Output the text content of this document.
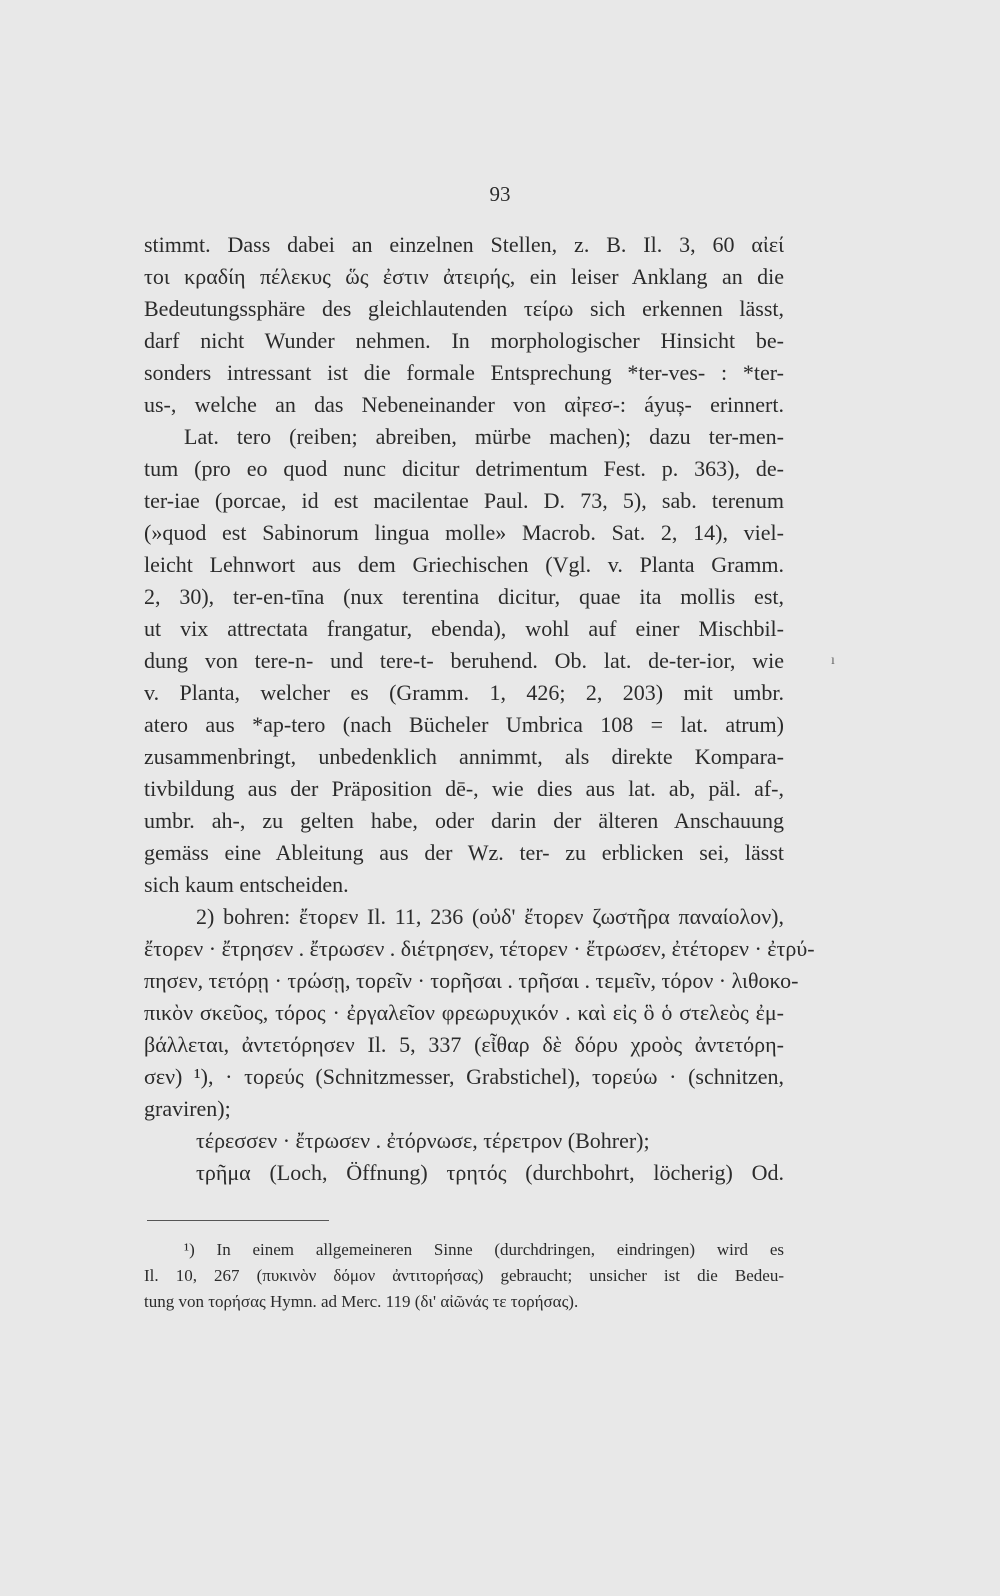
93
stimmt. Dass dabei an einzelnen Stellen, z. B. Il. 3, 60 αἰεί
τοι κραδίη πέλεκυς ὥς ἐστιν ἀτειρής, ein leiser Anklang an die
Bedeutungssphäre des gleichlautenden τείρω sich erkennen lässt,
darf nicht Wunder nehmen. In morphologischer Hinsicht be-
sonders intressant ist die formale Entsprechung *ter-ves- : *ter-
us-, welche an das Nebeneinander von αἰϝεσ-: áyuș- erinnert.
Lat. tero (reiben; abreiben, mürbe machen); dazu ter-men-
tum (pro eo quod nunc dicitur detrimentum Fest. p. 363), de-
ter-iae (porcae, id est macilentae Paul. D. 73, 5), sab. terenum
(»quod est Sabinorum lingua molle» Macrob. Sat. 2, 14), viel-
leicht Lehnwort aus dem Griechischen (Vgl. v. Planta Gramm.
2, 30), ter-en-tīna (nux terentina dicitur, quae ita mollis est,
ut vix attrectata frangatur, ebenda), wohl auf einer Mischbil-
dung von tere-n- und tere-t- beruhend. Ob. lat. de-ter-ior, wie
v. Planta, welcher es (Gramm. 1, 426; 2, 203) mit umbr.
atero aus *ap-tero (nach Bücheler Umbrica 108 = lat. atrum)
zusammenbringt, unbedenklich annimmt, als direkte Kompara-
tivbildung aus der Präposition dē-, wie dies aus lat. ab, päl. af-,
umbr. ah-, zu gelten habe, oder darin der älteren Anschauung
gemäss eine Ableitung aus der Wz. ter- zu erblicken sei, lässt
sich kaum entscheiden.
2) bohren: ἔτορεν Il. 11, 236 (οὐδ' ἔτορεν ζωστῆρα παναίολον),
ἔτορεν · ἔτρησεν . ἔτρωσεν . διέτρησεν, τέτορεν · ἔτρωσεν, ἐτέτορεν · ἐτρύ-
πησεν, τετόρῃ · τρώσῃ, τορεῖν · τορῆσαι . τρῆσαι . τεμεῖν, τόρον · λιθοκο-
πικὸν σκεῦος, τόρος · ἐργαλεῖον φρεωρυχικόν . καὶ εἰς ὃ ὁ στελεὸς ἐμ-
βάλλεται, ἀντετόρησεν Il. 5, 337 (εἶθαρ δὲ δόρυ χροὸς ἀντετόρη-
σεν) ¹), · τορεύς (Schnitzmesser, Grabstichel), τορεύω · (schnitzen,
graviren);
τέρεσσεν · ἔτρωσεν . ἐτόρνωσε, τέρετρον (Bohrer);
τρῆμα (Loch, Öffnung) τρητός (durchbohrt, löcherig) Od.
¹) In einem allgemeineren Sinne (durchdringen, eindringen) wird es
Il. 10, 267 (πυκινὸν δόμον ἀντιτορήσας) gebraucht; unsicher ist die Bedeu-
tung von τορήσας Hymn. ad Merc. 119 (δι' αἰῶνάς τε τορήσας).
ı
